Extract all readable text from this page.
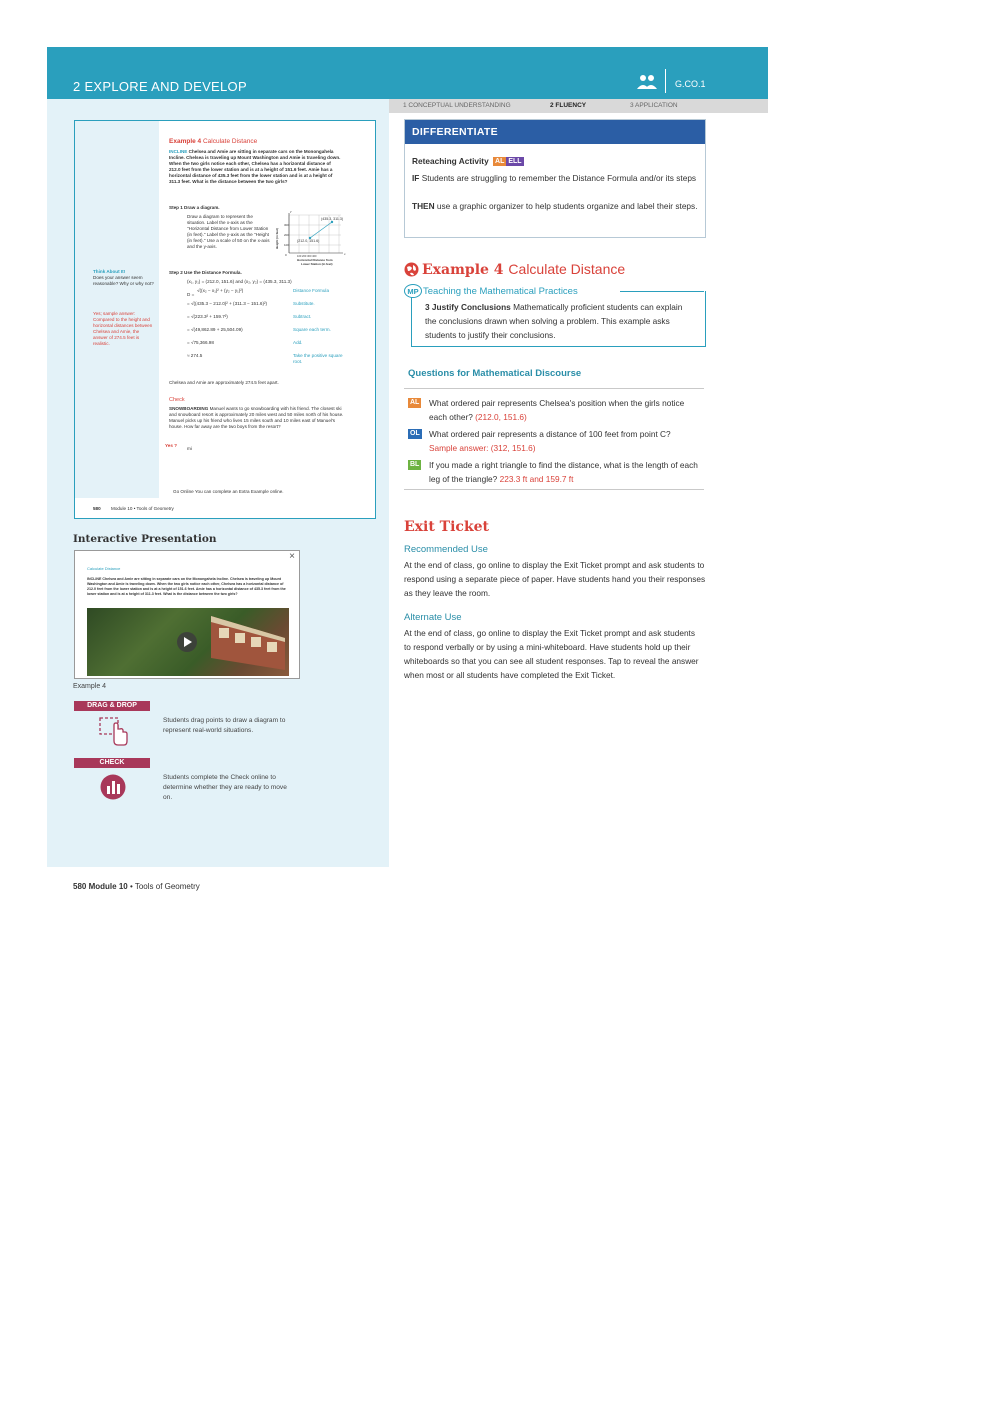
2 EXPLORE AND DEVELOP	G.CO.1
1 CONCEPTUAL UNDERSTANDING	2 FLUENCY	3 APPLICATION
Think About It!
Does your answer seem reasonable? Why or why not?
Yes; sample answer: Compared to the height and horizontal distances between Chelsea and Amie, the answer of 274.5 feet is realistic.
Example 4 Calculate Distance
INCLINE Chelsea and Amie are sitting in separate cars on the Monongahela Incline. Chelsea is traveling up Mount Washington and Amie is traveling down. When the two girls notice each other, Chelsea has a horizontal distance of 212.0 feet from the lower station and is at a height of 151.6 feet. Amie has a horizontal distance of 435.3 feet from the lower station and is at a height of 311.3 feet. What is the distance between the two girls?
Step 1 Draw a diagram.
Draw a diagram to represent the situation. Label the x-axis as the "Horizontal Distance from Lower Station (in feet)." Label the y-axis as the "Height (in feet)." Use a scale of 50 on the x-axis and the y-axis.
(435.3, 311.3)
(212.0, 151.6)
300
200
100
0
y
x
100 200 300 400
Horizontal Distance from
Lower Station (in feet)
Height (in feet)
Step 2 Use the Distance Formula.
(x₁, y₁) = (212.0, 151.6) and (x₂, y₂) = (435.3, 311.3)
D =
√((x₂ − x₁)² + (y₂ − y₁)²)	Distance Formula
= √((435.3 − 212.0)² + (311.3 − 151.6)²)	Substitute.
= √(223.3² + 159.7²)	Subtract.
= √(49,862.89 + 25,504.09)	Square each term.
= √75,366.98	Add.
≈ 274.5	Take the positive square root.
Chelsea and Amie are approximately 274.5 feet apart.
Check
SNOWBOARDING Manuel wants to go snowboarding with his friend. The closest ski and snowboard resort is approximately 20 miles west and 50 miles north of his house. Manuel picks up his friend who lives 15 miles south and 10 miles east of Manuel's house. How far away are the two boys from the resort?
Yes ?
mi
Go Online You can complete an Extra Example online.
580 Module 10 • Tools of Geometry
DIFFERENTIATE
Reteaching Activity AL ELL
IF Students are struggling to remember the Distance Formula and/or its steps
THEN use a graphic organizer to help students organize and label their steps.
Example 4 Calculate Distance
MP Teaching the Mathematical Practices
3 Justify Conclusions Mathematically proficient students can explain the conclusions drawn when solving a problem. This example asks students to justify their conclusions.
Questions for Mathematical Discourse
AL What ordered pair represents Chelsea's position when the girls notice each other? (212.0, 151.6)
OL What ordered pair represents a distance of 100 feet from point C? Sample answer: (312, 151.6)
BL If you made a right triangle to find the distance, what is the length of each leg of the triangle? 223.3 ft and 159.7 ft
Exit Ticket
Recommended Use
At the end of class, go online to display the Exit Ticket prompt and ask students to respond using a separate piece of paper. Have students hand you their responses as they leave the room.
Alternate Use
At the end of class, go online to display the Exit Ticket prompt and ask students to respond verbally or by using a mini-whiteboard. Have students hold up their whiteboards so that you can see all student responses. Tap to reveal the answer when most or all students have completed the Exit Ticket.
Interactive Presentation
×
Calculate Distance
INCLINE Chelsea and Amie are sitting in separate cars on the Monongahela Incline. Chelsea is traveling up Mount Washington and Amie is traveling down. When the two girls notice each other, Chelsea has a horizontal distance of 212.0 feet from the lower station and is at a height of 151.6 feet. Amie has a horizontal distance of 435.3 feet from the lower station and is at a height of 311.3 feet. What is the distance between the two girls?
Example 4
DRAG & DROP
Students drag points to draw a diagram to represent real-world situations.
CHECK
Students complete the Check online to determine whether they are ready to move on.
580 Module 10 • Tools of Geometry
